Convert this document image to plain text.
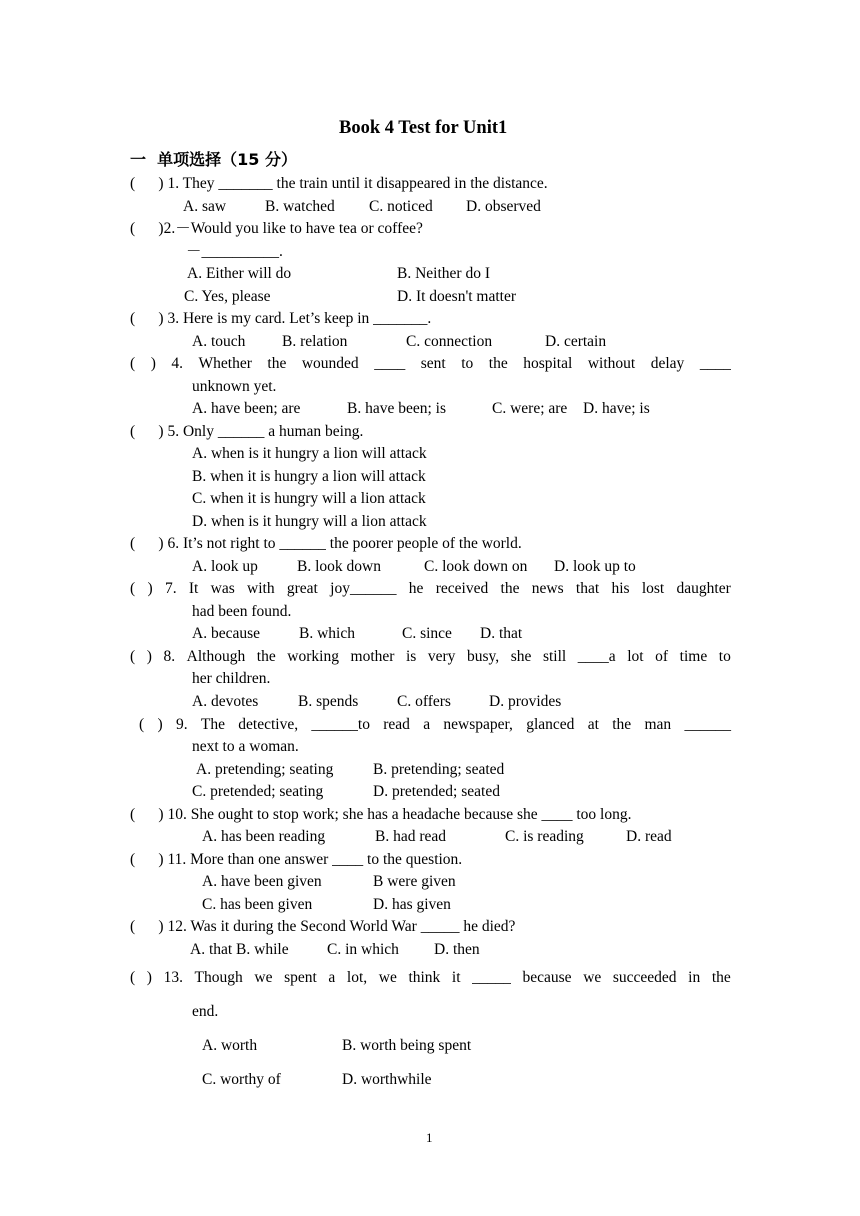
Book 4 Test for Unit1
一  单项选择（15 分）
(      ) 1. They _______ the train until it disappeared in the distance.
A. saw	B. watched C. noticed D. observed
(      )2.－Would you like to have tea or coffee?
－__________.
A. Either will do	B. Neither do I
C. Yes, please	D. It doesn't matter
(      ) 3. Here is my card. Let’s keep in _______.
A. touch B. relation	C. connection	D. certain
( ) 4. Whether the wounded ____ sent to the hospital without delay ____
unknown yet.
A. have been; are	B. have been; is	C. were; are D. have; is
(      ) 5. Only ______ a human being.
A. when is it hungry a lion will attack
B. when it is hungry a lion will attack
C. when it is hungry will a lion attack
D. when is it hungry will a lion attack
(      ) 6. It’s not right to ______ the poorer people of the world.
A. look up	B. look down	C. look down on D. look up to
( ) 7. It was with great joy______ he received the news that his lost daughter
had been found.
A. because	B. which	C. since D. that
( ) 8. Although the working mother is very busy, she still ____a lot of time to
her children.
A. devotes	B. spends C. offers D. provides
( ) 9. The detective, ______to read a newspaper, glanced at the man ______
next to a woman.
A. pretending; seating	B. pretending; seated
C. pretended; seating	D. pretended; seated
(      ) 10. She ought to stop work; she has a headache because she ____ too long.
A. has been reading	B. had read	C. is reading	D. read
(      ) 11. More than one answer ____ to the question.
A. have been given	B were given
C. has been given	D. has given
(      ) 12. Was it during the Second World War _____ he died?
A. that B. while C. in which D. then
( ) 13. Though we spent a lot, we think it _____ because we succeeded in the
end.
A. worth	B. worth being spent
C. worthy of	D. worthwhile
1
